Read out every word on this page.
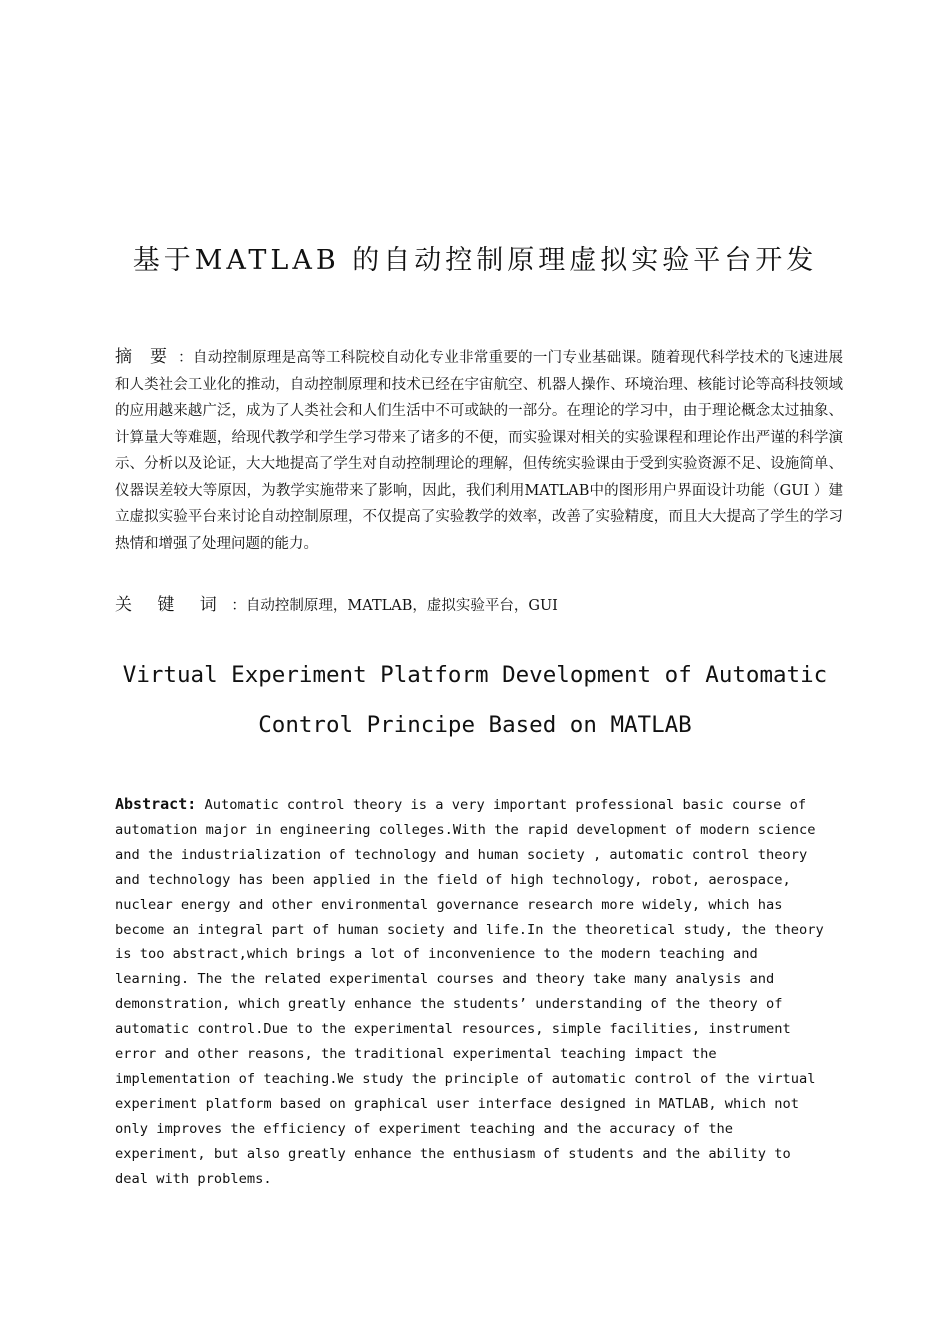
基于MATLAB 的自动控制原理虚拟实验平台开发

摘 要 ：自动控制原理是高等工科院校自动化专业非常重要的一门专业基础课。随着现代科学技术的飞速进展和人类社会工业化的推动，自动控制原理和技术已经在宇宙航空、机器人操作、环境治理、核能讨论等高科技领域的应用越来越广泛，成为了人类社会和人们生活中不可或缺的一部分。在理论的学习中，由于理论概念太过抽象、计算量大等难题，给现代教学和学生学习带来了诸多的不便，而实验课对相关的实验课程和理论作出严谨的科学演示、分析以及论证，大大地提高了学生对自动控制理论的理解，但传统实验课由于受到实验资源不足、设施简单、仪器误差较大等原因，为教学实施带来了影响，因此，我们利用MATLAB中的图形用户界面设计功能（GUI ）建立虚拟实验平台来讨论自动控制原理，不仅提高了实验教学的效率，改善了实验精度，而且大大提高了学生的学习热情和增强了处理问题的能力。

关 键 词 ：自动控制原理，MATLAB，虚拟实验平台，GUI

Virtual Experiment Platform Development of Automatic
Control Principe Based on MATLAB
Abstract: Automatic control theory is a very important professional basic course of
automation major in engineering colleges.With the rapid development of modern science
and the industrialization of technology and human society , automatic control theory
and technology has been applied in the field of high technology, robot, aerospace,
nuclear energy and other environmental governance research more widely, which has
become an integral part of human society and life.In the theoretical study, the theory
is too abstract,which brings a lot of inconvenience to the modern teaching and
learning. The the related experimental courses and theory take many analysis and
demonstration, which greatly enhance the students’ understanding of the theory of
automatic control.Due to the experimental resources, simple facilities, instrument
error and other reasons, the traditional experimental teaching impact the
implementation of teaching.We study the principle of automatic control of the virtual
experiment platform based on graphical user interface designed in MATLAB, which not
only improves the efficiency of experiment teaching and the accuracy of the
experiment, but also greatly enhance the enthusiasm of students and the ability to
deal with problems.
